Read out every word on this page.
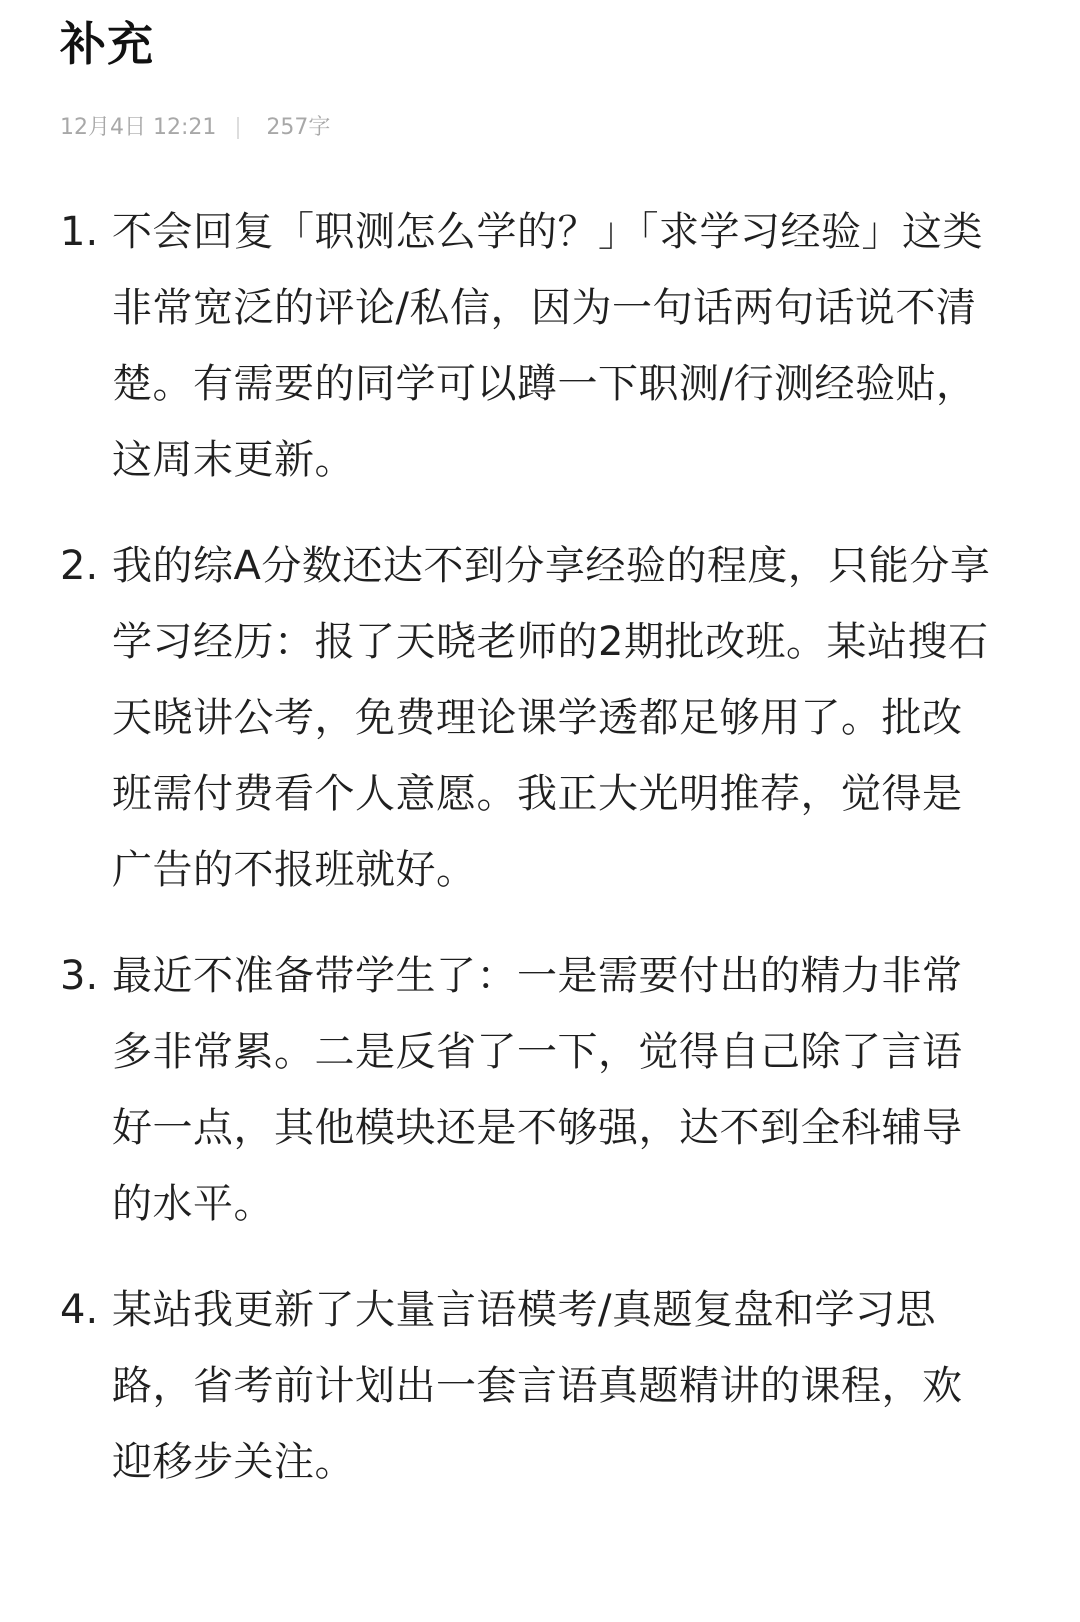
补充
12月4日 12:21 257字
1. 不会回复「职测怎么学的？」「求学习经验」这类非常宽泛的评论/私信，因为一句话两句话说不清楚。有需要的同学可以蹲一下职测/行测经验贴，这周末更新。
2. 我的综A分数还达不到分享经验的程度，只能分享学习经历：报了天晓老师的2期批改班。某站搜石天晓讲公考，免费理论课学透都足够用了。批改班需付费看个人意愿。我正大光明推荐，觉得是广告的不报班就好。
3. 最近不准备带学生了：一是需要付出的精力非常多非常累。二是反省了一下，觉得自己除了言语好一点，其他模块还是不够强，达不到全科辅导的水平。
4. 某站我更新了大量言语模考/真题复盘和学习思路，省考前计划出一套言语真题精讲的课程，欢迎移步关注。
